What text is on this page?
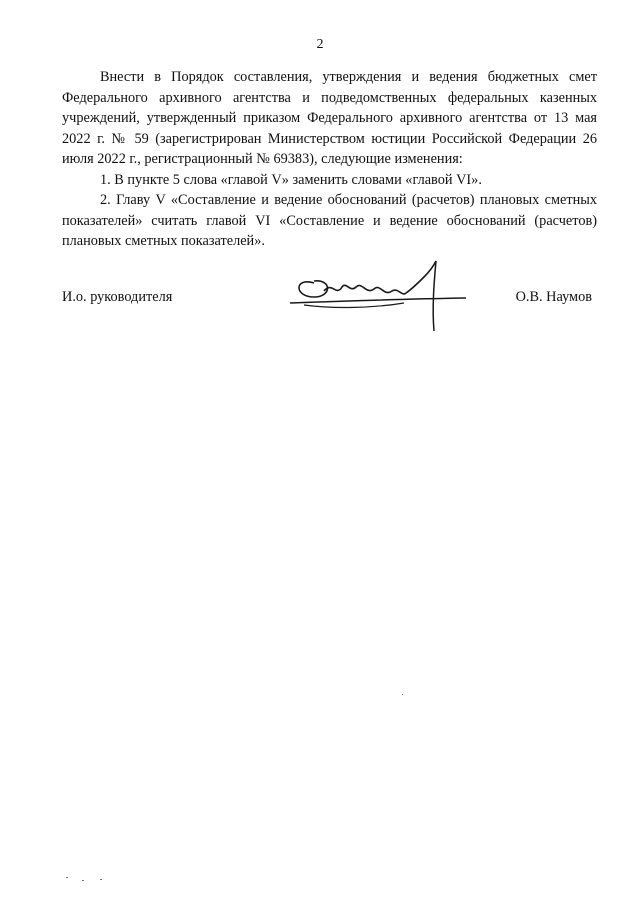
2

Внести в Порядок составления, утверждения и ведения бюджетных смет Федерального архивного агентства и подведомственных федеральных казенных учреждений, утвержденный приказом Федерального архивного агентства от 13 мая 2022 г. № 59 (зарегистрирован Министерством юстиции Российской Федерации 26 июля 2022 г., регистрационный № 69383), следующие изменения:

1. В пункте 5 слова «главой V» заменить словами «главой VI».

2. Главу V «Составление и ведение обоснований (расчетов) плановых сметных показателей» считать главой VI «Составление и ведение обоснований (расчетов) плановых сметных показателей».

И.о. руководителя	О.В. Наумов
